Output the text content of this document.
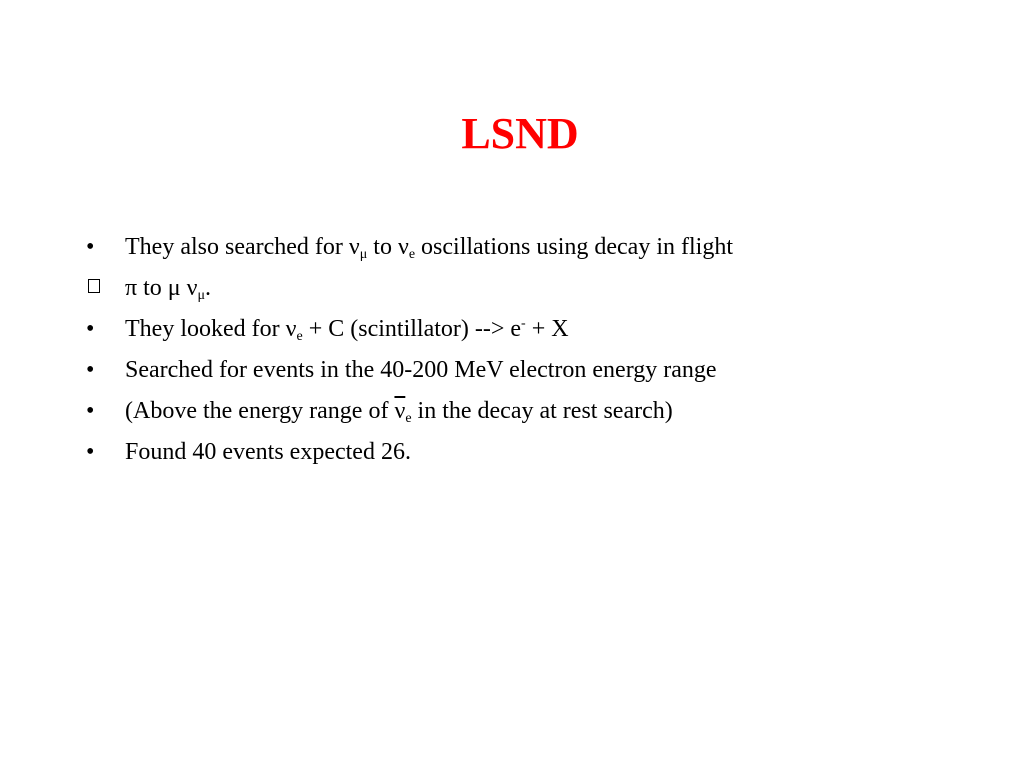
LSND
•	They also searched for $\nu_\mu$ to $\nu_e$ oscillations using decay in flight
π to μ $\nu_\mu$.
•	They looked for $\nu_e + C$ (scintillator) --> e- + X
•	Searched for events in the 40-200 MeV electron energy range
•	(Above the energy range of $\overline{\nu}_e$ in the decay at rest search)
•	Found 40 events expected 26.
